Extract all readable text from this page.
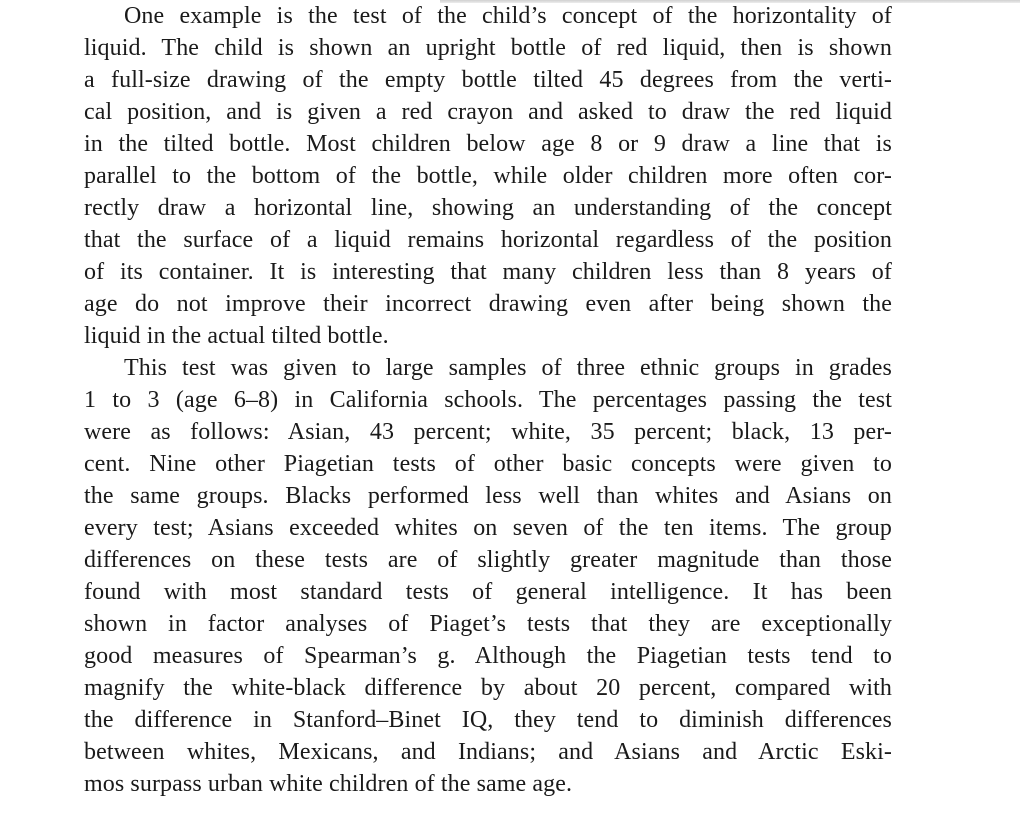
One example is the test of the child’s concept of the horizontality of
liquid. The child is shown an upright bottle of red liquid, then is shown
a full-size drawing of the empty bottle tilted 45 degrees from the verti-
cal position, and is given a red crayon and asked to draw the red liquid
in the tilted bottle. Most children below age 8 or 9 draw a line that is
parallel to the bottom of the bottle, while older children more often cor-
rectly draw a horizontal line, showing an understanding of the concept
that the surface of a liquid remains horizontal regardless of the position
of its container. It is interesting that many children less than 8 years of
age do not improve their incorrect drawing even after being shown the
liquid in the actual tilted bottle.
This test was given to large samples of three ethnic groups in grades
1 to 3 (age 6–8) in California schools. The percentages passing the test
were as follows: Asian, 43 percent; white, 35 percent; black, 13 per-
cent. Nine other Piagetian tests of other basic concepts were given to
the same groups. Blacks performed less well than whites and Asians on
every test; Asians exceeded whites on seven of the ten items. The group
differences on these tests are of slightly greater magnitude than those
found with most standard tests of general intelligence. It has been
shown in factor analyses of Piaget’s tests that they are exceptionally
good measures of Spearman’s g. Although the Piagetian tests tend to
magnify the white-black difference by about 20 percent, compared with
the difference in Stanford–Binet IQ, they tend to diminish differences
between whites, Mexicans, and Indians; and Asians and Arctic Eski-
mos surpass urban white children of the same age.
